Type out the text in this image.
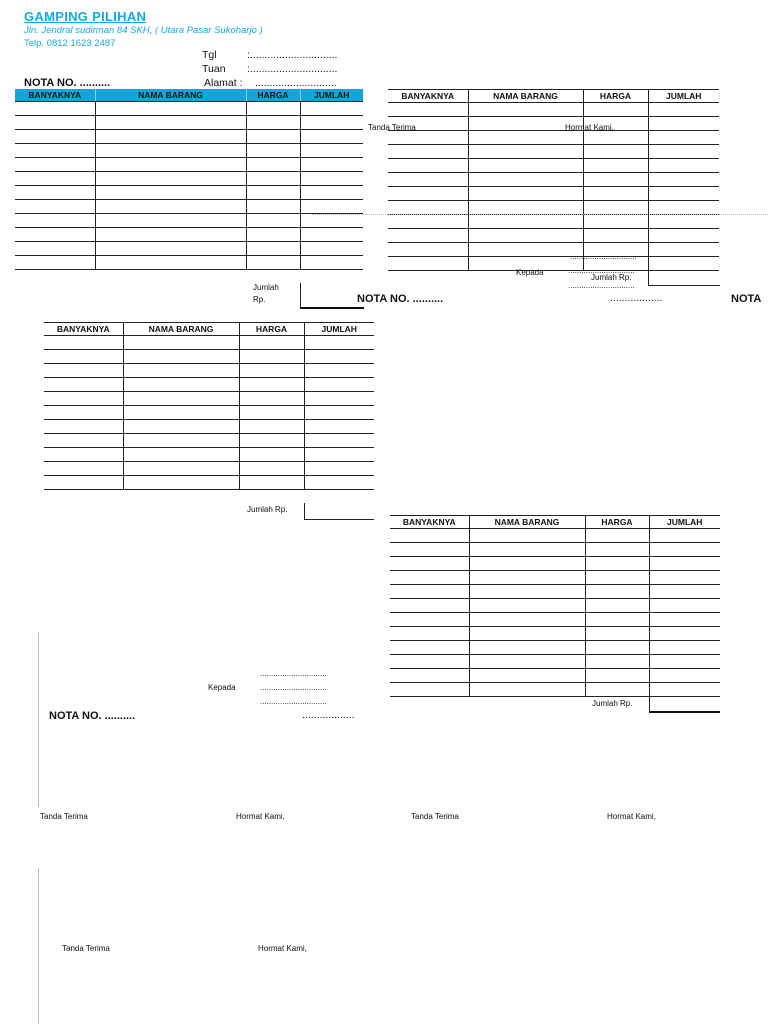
GAMPING PILIHAN
Jln. Jendral sudirman 84 SKH, ( Utara Pasar Sukoharjo )
Telp. 0812 1623 2487
Tgl	:..............................
Tuan :..............................
Alamat : ............................
NOTA NO. ..........
BANYAKNYA	NAMA BARANG	HARGA	JUMLAH

Jumlah
Rp.
BANYAKNYA	NAMA BARANG	HARGA	JUMLAH

Tanda Terima	Hormat Kami,
..............................
Kepada	..............................
Jumlah Rp.
..............................
NOTA NO. ..........	..................	NOTA
BANYAKNYA	NAMA BARANG	HARGA	JUMLAH

Jumlah Rp.
BANYAKNYA	NAMA BARANG	HARGA	JUMLAH

Jumlah Rp.
..............................
Kepada	..............................
..............................
NOTA NO. ..........	..................
Tanda Terima	Hormat Kami,	Tanda Terima	Hormat Kami,
Tanda Terima	Hormat Kami,
